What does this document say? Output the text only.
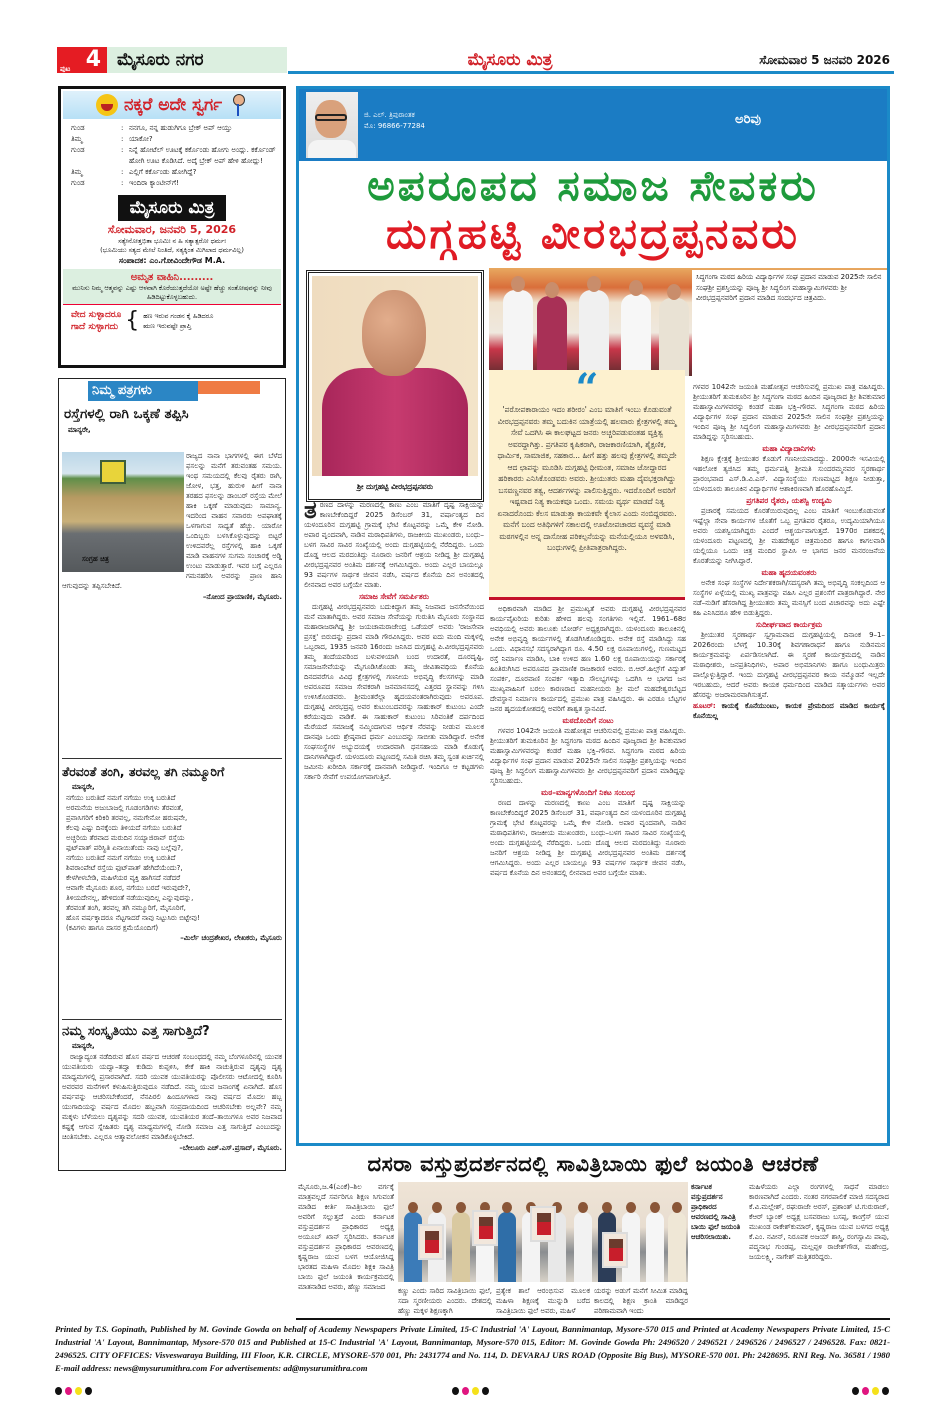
ಪುಟ 4 ಮೈಸೂರು ನಗರ	ಮೈಸೂರು ಮಿತ್ರ	ಸೋಮವಾರ 5 ಜನವರಿ 2026
ನಕ್ಕರೆ ಅದೇ ಸ್ವರ್ಗ
ಗುಂಡ	: ನನಗೂ, ನನ್ನ ಹುಡುಗಿಗೂ ಬ್ರೇಕ್ ಅಪ್ ಆಯ್ತು
ತಿಮ್ಮ	: ಯಾಕೋ?
ಗುಂಡ	: ನಿನ್ನೆ ಹೋಟೆಲ್ ಊಟಕ್ಕೆ ಕರ್ಕೊಂಡು ಹೋಗು ಅಂದ್ಲು. ಕರ್ಕೊಂಡ್ ಹೋಗಿ ಊಟ ಕೊಡಿಸಿದೆ. ಅದ್ಕೆ ಬ್ರೇಕ್ ಅಪ್ ಹೇಳಿ ಹೋದ್ಲು!
ತಿಮ್ಮ	: ಎಲ್ಲಿಗೆ ಕರ್ಕೊಂಡು ಹೋಗಿದ್ದೆ?
ಗುಂಡ	: ಇಂದಿರಾ ಕ್ಯಾಂಟೀನ್‌ಗೆ!
ಮೈಸೂರು ಮಿತ್ರ
ಸೋಮವಾರ, ಜನವರಿ 5, 2026
ಸತ್ಯೇನೋತ್ತಭಿತಾ ಭೂಮಿಃ ನ ಹಿ ಸತ್ಯಾತ್ಪರೋ ಧರ್ಮಃ
(ಭೂಮಿಯು ಸತ್ಯದ ಮೇಲೆ ನಿಂತಿದೆ, ಸತ್ಯಕ್ಕಿಂತ ಮಿಗಿಲಾದ ಧರ್ಮವಿಲ್ಲ)
ಸಂಪಾದಕ: ಎಂ.ಗೋವಿಂದೇಗೌಡ M.A.
ಅಮೃತ ವಾಹಿನಿ.........
ಮುನಿಸು ನಿಮ್ಮ ಆತ್ಮವನ್ನು ಎಷ್ಟು ಆಳವಾಗಿ ಕೊರೆಯುತ್ತದೆಯೋ ಅಷ್ಟೇ ಹೆಚ್ಚು ಸಂತೋಷವನ್ನು ನೀವು ಹಿಡಿದಿಟ್ಟುಕೊಳ್ಳಬಹುದು.
ವೇದ ಸುಳ್ಳಾದರೂ
ಗಾದೆ ಸುಳ್ಳಾಗದು { ಹಣ ಇರುವ ಗಂಡನ ಕೈ ಹಿಡಿದರೂ
ಋಣ ಇರುವಷ್ಟೇ ಪ್ರಾಪ್ತಿ
ನಿಮ್ಮ ಪತ್ರಗಳು
ರಸ್ತೆಗಳಲ್ಲಿ ರಾಗಿ ಒಕ್ಕಣೆ ತಪ್ಪಿಸಿ
ಮಾನ್ಯರೇ,
ಸಂಗ್ರಹ ಚಿತ್ರ

ರಾಜ್ಯದ ನಾನಾ ಭಾಗಗಳಲ್ಲಿ ಈಗ ಬೆಳೆದ ಫಸಲನ್ನು ಮನೆಗೆ ತರುವಂತಹ ಸಮಯ. ಇಂಥ ಸಮಯದಲ್ಲಿ ಕೆಲವು ರೈತರು ರಾಗಿ, ಜೋಳ, ಭತ್ತ, ಹುರುಳಿ ಹೀಗೆ ನಾನಾ ತರಹದ ಫಸಲನ್ನು ಡಾಂಬರ್ ರಸ್ತೆಯ ಮೇಲೆ ಹಾಕಿ ಒಕ್ಕಣೆ ಮಾಡುವುದು ಸಾಮಾನ್ಯ. ಇದರಿಂದ ವಾಹನ ಸವಾರರು ಅಪಘಾತಕ್ಕೆ ಒಳಗಾಗುವ ಸಾಧ್ಯತೆ ಹೆಚ್ಚು. ಯಾರೋ ಒಂದಿಬ್ಬರು ಬಳಸಿಕೊಳ್ಳುವುದನ್ನು ಬಿಟ್ಟರೆ ಉಳಿದವರೆಲ್ಲ ರಸ್ತೆಗಳಲ್ಲಿ ಹಾಕಿ ಒಕ್ಕಣೆ ಮಾಡಿ ವಾಹನಗಳ ಸುಗಮ ಸಂಚಾರಕ್ಕೆ ಅಡ್ಡಿ ಉಂಟು ಮಾಡುತ್ತಾರೆ. ಇವರ ಬಗ್ಗೆ ಎಲ್ಲರೂ ಗಮನಹರಿಸಿ ಅವರನ್ನು ಪ್ರಾಣ ಹಾನಿ ಆಗುವುದನ್ನು ತಪ್ಪಿಸಬೇಕಿದೆ.

–ನೋಂದ ಪ್ರಾಯಾಣಿಕ, ಮೈಸೂರು.

ತೆರವಂತೆ ತಂಗಿ, ತರವಲ್ಲ ತಗಿ ನಮ್ಮೂರಿಗೆ
ಮಾನ್ಯರೇ,
ನಗೆಯು ಬರುತಿದೆ ನಮಗೆ ನಗೆಯು ಉಕ್ಕಿ ಬರುತಿದೆ
ಅರಮನೆಯ ಅಜುಬಾಜಲ್ಲಿ ಗೂಡಂಗಡಿಗಳು ತೆರವಂತೆ,
ಪ್ರವಾಸಿಗರಿಗೆ ಕಿರಿಕಿರಿ ತರವಲ್ಲ, ನಮಗೇನೋ ಹರುಷವೇ,
ಕೆಲವು ಎಷ್ಟು ದಿನಕ್ಕೆಂದು ತಿಳಿಯದೆ ನಗೆಯು ಬರುತಿದೆ
ಅಚ್ಚರಿಯ ತೆರವಾದ ಮರುದಿನ ಸಯ್ಯಾಜಿರಾವ್ ರಸ್ತೆಯ
ಫುಟ್‌ಪಾತ್ ಪರಿಸ್ಥಿತಿ ಏನಾಯಿತೆಂದು ನಾವು ಬಲ್ಲೆವು?,
ನಗೆಯು ಬರುತಿದೆ ನಮಗೆ ನಗೆಯು ಉಕ್ಕಿ ಬರುತಿದೆ
ಶಿವರಾಂಪೇಟೆ ರಸ್ತೆಯ ಫುಟ್‌ಪಾತ್ ಹೇಗಿದೆಯೆಂದು?,
ಕೇಳಗೀಳಬೇಡಿ, ಮಹಿಳೆಯರ ವ್ಯಕ್ತಿ ಹಾಗಿಸದೆ ನಡೆದರೆ
ಆವಾಗೇ ಮೈಸೂರು ಶೂರ, ನಗೆಯು ಬರದೆ ಇರುವುದೇ?,
ತಿಳಿಯದೇನಲ್ಲ, ಹೇಳಿದಂತೆ ನಡೆಯುವುದಿಲ್ಲ ಎನ್ನುವುದನ್ನು,
ತೆರವಂತೆ ತಂಗಿ, ತರವಲ್ಲ ತಗಿ ನಮ್ಮೂರಿಗೆ, ಮೈಸೂರಿಗೆ,
ಹೊಸ ವರ್ಷಕ್ಕಾದರೂ ನೆಟ್ಟಗಾದರೆ ನಾವು ನಿಟ್ಟುಸಿರು ಬಿಟ್ಟೇವು!
(ಕವಿಗಳು ಹಾಗೂ ದಾಸರ ಕ್ಷಮೆಯೊಂದಿಗೆ)
–ಮಿರ್ಲೆ ಚಂದ್ರಶೇಖರ, ಲೇಖಕರು, ಮೈಸೂರು
ನಮ್ಮ ಸಂಸ್ಕೃತಿಯು ಎತ್ತ ಸಾಗುತ್ತಿದೆ?
ಮಾನ್ಯರೇ,

ರಾಜ್ಯಾದ್ಯಂತ ನಡೆದಿರುವ ಹೊಸ ವರ್ಷದ ಆಚರಣೆ ಸಂಬಂಧದಲ್ಲಿ ನಮ್ಮ ಬೆಂಗಳೂರಿನಲ್ಲಿ ಯುವಕ ಯುವತಿಯರು ಯದ್ವಾ–ತದ್ವಾ ಕುಡಿದು ಕುಪ್ಪಳಿಸಿ, ಕೇಕೆ ಹಾಕಿ ನಾಚುತ್ತಿರುವ ದೃಶ್ಯವು ದೃಶ್ಯ ಮಾಧ್ಯಮಗಳಲ್ಲಿ ಪ್ರಸಾರವಾಗಿದೆ. ಸದರಿ ಯುವಕ ಯುವತಿಯರನ್ನು ಪೊಲೀಸರು ಆಟೋದಲ್ಲಿ ಕೂರಿಸಿ ಅವರವರ ಮನೆಗಳಿಗೆ ಕಳುಹಿಸುತ್ತಿರುವುದೂ ನಡೆದಿದೆ. ನಮ್ಮ ಯುವ ಜನಾಂಗಕ್ಕೆ ಏನಾಗಿದೆ. ಹೊಸ ವರ್ಷವನ್ನು ಆಚರಿಸಬೇಕೆಂದರೆ, ನೆನಪಿರಲಿ ಹಿಂದೂಗಳಾದ ನಾವು ವರ್ಷದ ಮೊದಲ ಹಬ್ಬ ಯುಗಾದಿಯನ್ನು ವರ್ಷದ ಮೊದಲ ಹಬ್ಬವಾಗಿ ಸಂಪ್ರದಾಯದಿಂದ ಆಚರಿಸಬೇಕು ಅಲ್ಲವೇ? ನಮ್ಮ ಮಕ್ಕಳು ಬೆಳೆಯಲು ದೃಶ್ಯವನ್ನು ಸದರಿ ಯುವಕ, ಯುವತಿಯರ ತಂದೆ–ತಾಯಿಗಳೂ ಅವರ ನಿಜವಾದ ಕಷ್ಟಕ್ಕೆ ಆಗುವ ಸ್ನೇಹಿತರು ದೃಶ್ಯ ಮಾಧ್ಯಮಗಳಲ್ಲಿ ನೋಡಿ ಸಮಾಜ ಎತ್ತ ಸಾಗುತ್ತಿದೆ ಎಂಬುದನ್ನು ಚಿಂತಿಸಬೇಕು. ಎಲ್ಲರೂ ಆತ್ಮಾವಲೋಕನ ಮಾಡಿಕೊಳ್ಳಬೇಕಿದೆ.

–ಬೇಲೂರು ಎಚ್.ಎಸ್.ಪ್ರಸಾದ್, ಮೈಸೂರು.

ಜಿ. ಎಲ್. ತ್ರಿಪುರಾಂತಕ
ಮೊ: 96866-77284	ಅರಿವು
ಅಪರೂಪದ ಸಮಾಜ ಸೇವಕರು
ದುಗ್ಗಹಟ್ಟಿ ವೀರಭದ್ರಪ್ಪನವರು
ಶ್ರೀ ದುಗ್ಗಹಟ್ಟಿ ವೀರಭದ್ರಪ್ಪನವರು
ಸಿದ್ಧಗಂಗಾ ಮಠದ ಹಿರಿಯ ವಿದ್ಯಾರ್ಥಿಗಳ ಸಂಘ ಪ್ರದಾನ ಮಾಡುವ 2025ನೇ ಸಾಲಿನ ಸಂಘಶ್ರೀ ಪ್ರಶಸ್ತಿಯನ್ನು ಪೂಜ್ಯ ಶ್ರೀ ಸಿದ್ಧಲಿಂಗ ಮಹಾಸ್ವಾಮಿಗಳವರು ಶ್ರೀ ವೀರಭದ್ರಪ್ಪನವರಿಗೆ ಪ್ರದಾನ ಮಾಡಿದ ಸಂದರ್ಭದ ಚಿತ್ರವಿದು.
“
'ಪರೋಪಕಾರಾಯಂ ಇದಂ ಶರೀರಂ' ಎಂಬ ಮಾತಿಗೆ ಇಂಬು ಕೊಡುವಂತೆ ವೀರಭದ್ರಪ್ಪನವರು ತಮ್ಮ ಬದುಕಿನ ಯಾತ್ರೆಯಲ್ಲಿ ಹಲವಾರು ಕ್ಷೇತ್ರಗಳಲ್ಲಿ ತಮ್ಮ ಸೇವೆ ಒದಗಿಸಿ ಈ ಕಾಲಘಟ್ಟದ ಜನರು ಅಚ್ಚರಿಪಡುವಂತಹ ವ್ಯಕ್ತಿತ್ವ ಅವರದ್ದಾಗಿತ್ತು. ಪ್ರಗತಿಪರ ಕೃಷಿಕರಾಗಿ, ರಾಜಕಾರಣಿಯಾಗಿ, ಶೈಕ್ಷಣಿಕ, ಧಾರ್ಮಿಕ, ಸಾಮಾಜಿಕ, ಸಹಕಾರ... ಹೀಗೆ ಹತ್ತು ಹಲವು ಕ್ಷೇತ್ರಗಳಲ್ಲಿ ತಮ್ಮದೇ ಆದ ಛಾಪನ್ನು ಮೂಡಿಸಿ ದುಗ್ಗಹಟ್ಟಿ ಧೀಮಂತ, ಸಮಾಜ ಜೋದ್ದಾರದ ಹರಿಕಾರರು ಎನಿಸಿಕೊಂಡವರು ಅವರು. ಶ್ರೀಯುತರು ಮಹಾ ದೈವಭಕ್ತರಾಗಿದ್ದು ಬಸವಣ್ಣನವರ ತತ್ವ, ಆದರ್ಶಗಳನ್ನು ಪಾಲಿಸುತ್ತಿದ್ದರು. ಇದರೊಂದಿಗೆ ಅವರಿಗೆ ಇಷ್ಟವಾದ ನಿತ್ಯ ಕಾಯಕವೂ ಒಂದು. ಸಮಯ ವ್ಯರ್ಥ ಮಾಡದೆ ನಿತ್ಯ ಏನಾದರೊಂದು ಕೆಲಸ ಮಾಡುತ್ತಾ ಕಾಯಕವೇ ಕೈಲಾಸ ಎಂದು ನಂಬಿದ್ದರವರು. ಮನೆಗೆ ಬಂದ ಅತಿಥಿಗಳಿಗೆ ಸಕಾಲದಲ್ಲಿ ಊಟೋಪಚಾರದ ವ್ಯವಸ್ಥೆ ಮಾಡಿ ಮಠಗಳಲ್ಲಿನ ಅನ್ನ ದಾಸೋಹ ಪರಿಕಲ್ಪನೆಯನ್ನು ಮನೆಯಲ್ಲಿಯೂ ಅಳವಡಿಸಿ, ಬಂಧುಗಳಲ್ಲಿ ಪ್ರೀತಿಪಾತ್ರರಾಗಿದ್ದರು.

ತರಣದ ದಾಳನ್ನು ಮರಣದಲ್ಲಿ ಕಾಣು ಎಂಬ ಮಾತಿಗೆ ದೃಷ್ಟ ಸಾಕ್ಷಿಯನ್ನು ಕಾಣಬೇಕೆಂದಿದ್ದರೆ 2025 ಡಿಸೆಂಬರ್ 31, ವರ್ಷಾಂತ್ಯದ ದಿನ ಯಳಂದೂರಿನ ದುಗ್ಗಹಟ್ಟಿ ಗ್ರಾಮಕ್ಕೆ ಭೇಟಿ ಕೊಟ್ಟವರನ್ನು ಒಮ್ಮೆ ಕೇಳಿ ನೋಡಿ. ಅಪಾರ ವೃಂದವಾಗಿ, ನಾಡಿನ ಮಠಾಧಿಪತಿಗಳು, ರಾಜಕೀಯ ಮುಖಂಡರು, ಬಂಧು–ಬಳಗ ಸಾವಿರ ಸಾವಿರ ಸಂಖ್ಯೆಯಲ್ಲಿ ಅಂದು ದುಗ್ಗಹಟ್ಟಿಯಲ್ಲಿ ನೆರೆದಿದ್ದರು. ಒಂದು ದೊಡ್ಡ ಆಲದ ಮರದಂತಿದ್ದು ನೂರಾರು ಜನರಿಗೆ ಆಶ್ರಯ ನೀಡಿದ್ದ ಶ್ರೀ ದುಗ್ಗಹಟ್ಟಿ ವೀರಭದ್ರಪ್ಪನವರ ಅಂತಿಮ ದರ್ಶನಕ್ಕೆ ಆಗಮಿಸಿದ್ದರು. ಅಂದು ಎಲ್ಲರ ಬಾಯಲ್ಲೂ 93 ವರ್ಷಗಳ ಸಾರ್ಥಕ ಜೀವನ ನಡೆಸಿ, ವರ್ಷದ ಕೊನೆಯ ದಿನ ಅನಂತದಲ್ಲಿ ಲೀನವಾದ ಅವರ ಬಗ್ಗೆಯೇ ಮಾತು.

ಸಮಾಜ ಸೇವೆಗೆ ಸಮರ್ಪಿತರು

ದುಗ್ಗಹಟ್ಟಿ ವೀರಭದ್ರಪ್ಪನವರು ಬದುಕಿದ್ದಾಗ ತಮ್ಮ ನಿಜವಾದ ಜನಸೇವೆಯಿಂದ ಮನೆ ಮಾತಾಗಿದ್ದರು. ಅವರ ಸಮಾಜ ಸೇವೆಯನ್ನು ಗುರುತಿಸಿ ಮೈಸೂರು ಸಂಸ್ಥಾನದ ಮಹಾರಾಜರಾಗಿದ್ದ ಶ್ರೀ ಜಯಚಾಮರಾಜೇಂದ್ರ ಒಡೆಯರ್ ಅವರು 'ರಾಜಸೇವಾ ಪ್ರಸಕ್ತ' ಬಿರುದನ್ನು ಪ್ರದಾನ ಮಾಡಿ ಗೌರವಿಸಿದ್ದರು. ಅವರ ಐದು ಮಂದಿ ಮಕ್ಕಳಲ್ಲಿ ಒಬ್ಬರಾದ, 1935 ಜನವರಿ 16ರಂದು ಜನಿಸಿದ ದುಗ್ಗಹಟ್ಟಿ ಪಿ.ವೀರಭದ್ರಪ್ಪನವರು ತಮ್ಮ ತಂದೆಯವರಿಂದ ಬಳುವಳಿಯಾಗಿ ಬಂದ ಉದಾರತೆ, ದೂರದೃಷ್ಟಿ, ಸಮಾಜಸೇವೆಯನ್ನು ಮೈಗೂಡಿಸಿಕೊಂಡು ತಮ್ಮ ಜೀವಿತಾವಧಿಯ ಕೊನೆಯ ದಿನದವರೆಗೂ ವಿವಿಧ ಕ್ಷೇತ್ರಗಳಲ್ಲಿ ಗಣನೀಯ ಅಭಿವೃದ್ಧಿ ಕೆಲಸಗಳನ್ನು ಮಾಡಿ ಅಪರೂಪದ ಸಮಾಜ ಸೇವಕರಾಗಿ ಜನಮಾನಸದಲ್ಲಿ ಎತ್ತರದ ಸ್ಥಾನವನ್ನು ಗಳಿಸಿ ಉಳಿಸಿಕೊಂಡವರು. ಶ್ರೀಮಂತರೆಲ್ಲಾ ಹೃದಯವಂತರಾಗಿರುವುದು ಅಪರೂಪ. ದುಗ್ಗಹಟ್ಟಿ ವೀರಭದ್ರಪ್ಪ ಅವರ ಕುಟುಂಬದವರನ್ನು ಸಾಹುಕಾರ್ ಕುಟುಂಬ ಎಂದೇ ಕರೆಯುವುದು ವಾಡಿಕೆ. ಈ ಸಾಹುಕಾರ್ ಕುಟುಂಬ ಸಿರಿವಂತಿಕೆ ದರ್ಪದಿಂದ ಮೆರೆಯದೆ ಸಮಾಜಕ್ಕೆ ನಮ್ಮಿಂದಾಗುವ ಆರ್ಥಿಕ ನೆರವನ್ನು ನೀಡುವ ಮೂಲಕ ದಾನವೂ ಒಂದು ಶ್ರೇಷ್ಠವಾದ ಧರ್ಮ ಎಂಬುದನ್ನು ಸಾಬೀತು ಮಾಡಿದ್ದಾರೆ. ಅನೇಕ ಸಂಘಸಂಸ್ಥೆಗಳ ಅಭ್ಯುದಯಕ್ಕೆ ಉದಾರವಾಗಿ ಧನಸಹಾಯ ಮಾಡಿ ಕೊಡುಗೈ ದಾನಿಗಳಾಗಿದ್ದಾರೆ. ಯಳಂದೂರು ಪಟ್ಟಣದಲ್ಲಿ ಸಮಿತಿ ರಚಿಸಿ ತಮ್ಮ ಸ್ವಂತ ಖರ್ಚಿನಲ್ಲಿ ಜಮೀನು ಖರೀದಿಸಿ ಸರ್ಕಾರಕ್ಕೆ ದಾನವಾಗಿ ನೀಡಿದ್ದಾರೆ. ಇಂದಿಗೂ ಆ ಕಟ್ಟಡಗಳು ಸರ್ಕಾರಿ ಸೇವೆಗೆ ಉಪಯೋಗವಾಗುತ್ತಿವೆ.

ಅಧಿಕಾರವಾಗಿ ಮಾಡಿದ ಶ್ರೀ ಪ್ರಮುಖ್ಯತೆ ಅವರು ದುಗ್ಗಹಟ್ಟಿ ವೀರಭದ್ರಪ್ಪನವರ ಕಾರ್ಯವೈಖರಿಯ ಕುರಿತು ಹೇಳಿದ ಹಲವು ಸಂಗತಿಗಳು ಇಲ್ಲಿವೆ. 1961–68ರ ಅವಧಿಯಲ್ಲಿ ಅವರು ತಾಲೂಕು ಬೋರ್ಡ್ ಅಧ್ಯಕ್ಷರಾಗಿದ್ದರು. ಯಳಂದೂರು ತಾಲೂಕಿನಲ್ಲಿ ಅನೇಕ ಅಭಿವೃದ್ಧಿ ಕಾರ್ಯಗಳಲ್ಲಿ ತೊಡಗಿಸಿಕೊಂಡಿದ್ದರು. ಅನೇಕ ರಸ್ತೆ ಮಾಡಿಸಿದ್ದು ಸಹ ಒಂದು. ವಿಧಾನಸಭೆ ಸದಸ್ಯರಾಗಿದ್ದಾಗ ರೂ. 4.50 ಲಕ್ಷ ರೂಪಾಯಿಗಳಲ್ಲಿ, ಗುಣಮಟ್ಟದ ರಸ್ತೆ ನಿರ್ಮಾಣ ಮಾಡಿಸಿ, ಬಾಕಿ ಉಳಿದ ಹಣ 1.60 ಲಕ್ಷ ರೂಪಾಯಿಯನ್ನು ಸರ್ಕಾರಕ್ಕೆ ಹಿಂತಿರುಗಿಸಿದ ಅಪರೂಪದ ಪ್ರಾಮಾಣಿಕ ರಾಜಕಾರಣಿ ಅವರು. ಬಿ.ಆರ್.ಹಿಲ್ಸ್‌ಗೆ ವಿದ್ಯುತ್ ಸಂಪರ್ಕ, ದೂರವಾಣಿ ಸಂಪರ್ಕ ಇತ್ಯಾದಿ ಸೌಲಭ್ಯಗಳನ್ನು ಒದಗಿಸಿ ಆ ಭಾಗದ ಜನ ಮುಖ್ಯವಾಹಿನಿಗೆ ಬರಲು ಕಾರಣರಾದ ಮಹನೀಯರು ಶ್ರೀ ಮಲೆ ಮಹದೇಶ್ವರಬೆಟ್ಟದ ದೇವಸ್ಥಾನ ನಿರ್ಮಾಣ ಕಾರ್ಯದಲ್ಲಿ ಪ್ರಮುಖ ಪಾತ್ರ ವಹಿಸಿದ್ದರು. ಈ ಎರಡೂ ಬೆಟ್ಟಗಳ ಜನರ ಹೃದಯಕೋಶದಲ್ಲಿ ಅವರಿಗೆ ಶಾಶ್ವತ ಸ್ಥಾನವಿದೆ.

ಮಠದೊಂದಿಗೆ ನಂಟು

ಗಳವರ 1042ನೇ ಜಯಂತಿ ಮಹೋತ್ಸವ ಆಚರಿಸುವಲ್ಲಿ ಪ್ರಮುಖ ಪಾತ್ರ ವಹಿಸಿದ್ದರು. ಶ್ರೀಯುತರಿಗೆ ತುಮಕೂರಿನ ಶ್ರೀ ಸಿದ್ಧಗಂಗಾ ಮಠದ ಹಿಂದಿನ ಪೂಜ್ಯರಾದ ಶ್ರೀ ಶಿವಕುಮಾರ ಮಹಾಸ್ವಾಮಿಗಳವರನ್ನು ಕಂಡರೆ ಮಹಾ ಭಕ್ತಿ–ಗೌರವ. ಸಿದ್ಧಗಂಗಾ ಮಠದ ಹಿರಿಯ ವಿದ್ಯಾರ್ಥಿಗಳ ಸಂಘ ಪ್ರದಾನ ಮಾಡುವ 2025ನೇ ಸಾಲಿನ ಸಂಘಶ್ರೀ ಪ್ರಶಸ್ತಿಯನ್ನು ಇಂದಿನ ಪೂಜ್ಯ ಶ್ರೀ ಸಿದ್ಧಲಿಂಗ ಮಹಾಸ್ವಾಮಿಗಳವರು ಶ್ರೀ ವೀರಭದ್ರಪ್ಪನವರಿಗೆ ಪ್ರದಾನ ಮಾಡಿದ್ದನ್ನು ಸ್ಮರಿಸಬಹುದು.

ಮಠ–ಮಾನ್ಯಗಳೊಂದಿಗೆ ನಿಕಟ ಸಂಬಂಧ

ರಣದ ದಾಳನ್ನು ಮರಣದಲ್ಲಿ ಕಾಣು ಎಂಬ ಮಾತಿಗೆ ದೃಷ್ಟ ಸಾಕ್ಷಿಯನ್ನು ಕಾಣಬೇಕೆಂದಿದ್ದರೆ 2025 ಡಿಸೆಂಬರ್ 31, ವರ್ಷಾಂತ್ಯದ ದಿನ ಯಳಂದೂರಿನ ದುಗ್ಗಹಟ್ಟಿ ಗ್ರಾಮಕ್ಕೆ ಭೇಟಿ ಕೊಟ್ಟವರನ್ನು ಒಮ್ಮೆ ಕೇಳಿ ನೋಡಿ. ಅಪಾರ ವೃಂದವಾಗಿ, ನಾಡಿನ ಮಠಾಧಿಪತಿಗಳು, ರಾಜಕೀಯ ಮುಖಂಡರು, ಬಂಧು–ಬಳಗ ಸಾವಿರ ಸಾವಿರ ಸಂಖ್ಯೆಯಲ್ಲಿ ಅಂದು ದುಗ್ಗಹಟ್ಟಿಯಲ್ಲಿ ನೆರೆದಿದ್ದರು. ಒಂದು ದೊಡ್ಡ ಆಲದ ಮರದಂತಿದ್ದು ನೂರಾರು ಜನರಿಗೆ ಆಶ್ರಯ ನೀಡಿದ್ದ ಶ್ರೀ ದುಗ್ಗಹಟ್ಟಿ ವೀರಭದ್ರಪ್ಪನವರ ಅಂತಿಮ ದರ್ಶನಕ್ಕೆ ಆಗಮಿಸಿದ್ದರು. ಅಂದು ಎಲ್ಲರ ಬಾಯಲ್ಲೂ 93 ವರ್ಷಗಳ ಸಾರ್ಥಕ ಜೀವನ ನಡೆಸಿ, ವರ್ಷದ ಕೊನೆಯ ದಿನ ಅನಂತದಲ್ಲಿ ಲೀನವಾದ ಅವರ ಬಗ್ಗೆಯೇ ಮಾತು.

ಗಳವರ 1042ನೇ ಜಯಂತಿ ಮಹೋತ್ಸವ ಆಚರಿಸುವಲ್ಲಿ ಪ್ರಮುಖ ಪಾತ್ರ ವಹಿಸಿದ್ದರು. ಶ್ರೀಯುತರಿಗೆ ತುಮಕೂರಿನ ಶ್ರೀ ಸಿದ್ಧಗಂಗಾ ಮಠದ ಹಿಂದಿನ ಪೂಜ್ಯರಾದ ಶ್ರೀ ಶಿವಕುಮಾರ ಮಹಾಸ್ವಾಮಿಗಳವರನ್ನು ಕಂಡರೆ ಮಹಾ ಭಕ್ತಿ–ಗೌರವ. ಸಿದ್ಧಗಂಗಾ ಮಠದ ಹಿರಿಯ ವಿದ್ಯಾರ್ಥಿಗಳ ಸಂಘ ಪ್ರದಾನ ಮಾಡುವ 2025ನೇ ಸಾಲಿನ ಸಂಘಶ್ರೀ ಪ್ರಶಸ್ತಿಯನ್ನು ಇಂದಿನ ಪೂಜ್ಯ ಶ್ರೀ ಸಿದ್ಧಲಿಂಗ ಮಹಾಸ್ವಾಮಿಗಳವರು ಶ್ರೀ ವೀರಭದ್ರಪ್ಪನವರಿಗೆ ಪ್ರದಾನ ಮಾಡಿದ್ದನ್ನು ಸ್ಮರಿಸಬಹುದು.

ಮಹಾ ವಿದ್ಯಾದಾನಿಗಳು

ಶಿಕ್ಷಣ ಕ್ಷೇತ್ರಕ್ಕೆ ಶ್ರೀಯುತರ ಕೊಡುಗೆ ಗಣನೀಯವಾದದ್ದು. 2000ನೇ ಇಸವಿಯಲ್ಲಿ ಇಹಲೋಕ ತ್ಯಜಿಸಿದ ತಮ್ಮ ಧರ್ಮಪತ್ನಿ ಶ್ರೀಮತಿ ಸುಂದರಮ್ಮನವರ ಸ್ಮರಣಾರ್ಥ ಪ್ರಾರಂಭವಾದ ಎಸ್.ಡಿ.ವಿ.ಎಸ್. ವಿದ್ಯಾಸಂಸ್ಥೆಯು ಗುಣಮಟ್ಟದ ಶಿಕ್ಷಣ ನೀಡುತ್ತಾ, ಯಳಂದೂರು ತಾಲೂಕಿನ ವಿದ್ಯಾರ್ಥಿಗಳ ಆಶಾಕಿರಣವಾಗಿ ಹೊರಹೊಮ್ಮಿದೆ.

ಪ್ರಗತಿಪರ ರೈತರು, ಯಶಸ್ವಿ ಉದ್ಯಮಿ

ಪ್ರಚಾರಕ್ಕೆ ಸಮಯದ ಕೊರತೆಯಿರುವುದಿಲ್ಲ ಎಂಬ ಮಾತಿಗೆ ಇಂಬುಕೊಡುವಂತೆ ಇಷ್ಟೆಲ್ಲಾ ಸೇವಾ ಕಾರ್ಯಗಳ ಜೊತೆಗೆ ಒಬ್ಬ ಪ್ರಗತಿಪರ ರೈತರೂ, ಉದ್ಯಮಿಯಾಗಿಯೂ ಅವರು ಯಶಸ್ವಿಯಾಗಿದ್ದರು ಎಂದರೆ ಆಶ್ಚರ್ಯವಾಗುತ್ತದೆ. 1970ರ ದಶಕದಲ್ಲಿ ಯಳಂದೂರು ಪಟ್ಟಣದಲ್ಲಿ ಶ್ರೀ ಮಹದೇಶ್ವರ ಚಿತ್ರಮಂದಿರ ಹಾಗೂ ಕಾಗಲವಾಡಿ ಯಲ್ಲಿಯೂ ಒಂದು ಚಿತ್ರ ಮಂದಿರ ಸ್ಥಾಪಿಸಿ ಆ ಭಾಗದ ಜನರ ಮನರಂಜನೆಯ ಕೊರತೆಯನ್ನು ನೀಗಿಸಿದ್ದಾರೆ.

ಮಹಾ ಹೃದಯವಂತರು

ಅನೇಕ ಸಂಘ ಸಂಸ್ಥೆಗಳ ನಿರ್ದೇಶಕರಾಗಿ/ಸದಸ್ಯರಾಗಿ ತಮ್ಮ ಅಭಿವೃದ್ಧಿ ಸಂಕಲ್ಪದಿಂದ ಆ ಸಂಸ್ಥೆಗಳ ಏಳ್ಗೆಯಲ್ಲಿ ಮುಖ್ಯ ಪಾತ್ರವನ್ನು ವಹಿಸಿ ಎಲ್ಲರ ಪ್ರಶಂಸೆಗೆ ಪಾತ್ರರಾಗಿದ್ದಾರೆ. ನೇರ ನಡೆ–ನುಡಿಗೆ ಹೆಸರಾಗಿದ್ದ ಶ್ರೀಯುತರು ತಮ್ಮ ಮನಸ್ಸಿಗೆ ಬಂದ ವಿಚಾರವನ್ನು ಅದು ಎಷ್ಟೇ ಕಹಿ ಎನಿಸಿದರೂ ಹೇಳಿ ಬಿಡುತ್ತಿದ್ದರು.

ಸುದೀರ್ಘವಾದ ಕಾರ್ಯಕ್ರಮ

ಶ್ರೀಯುತರ ಸ್ಮರಣಾರ್ಥ ಸ್ವಗ್ರಾಮವಾದ ದುಗ್ಗಹಟ್ಟಿಯಲ್ಲಿ ದಿನಾಂಕ 9–1–2026ರಂದು ಬೆಳಗ್ಗೆ 10.30ಕ್ಕೆ ಶಿವಗಣಾರಾಧನೆ ಹಾಗೂ ನುಡಿನಮನ ಕಾರ್ಯಕ್ರಮವನ್ನು ಏರ್ಪಡಿಸಲಾಗಿದೆ. ಈ ಸ್ಮರಣೆ ಕಾರ್ಯಕ್ರಮದಲ್ಲಿ ನಾಡಿನ ಮಠಾಧೀಶರು, ಜನಪ್ರತಿನಿಧಿಗಳು, ಅಪಾರ ಅಭಿಮಾನಿಗಳು ಹಾಗೂ ಬಂಧುಮಿತ್ರರು ಪಾಲ್ಗೊಳ್ಳುತ್ತಿದ್ದಾರೆ. ಇಂದು ದುಗ್ಗಹಟ್ಟಿ ವೀರಭದ್ರಪ್ಪನವರ ಕಾಯ ನಮ್ಮೊಡನೆ ಇಲ್ಲದೇ ಇರಬಹುದು, ಆದರೆ ಅವರು ಕಾಯಕ ಧರ್ಮದಿಂದ ಮಾಡಿದ ಸತ್ಕಾರ್ಯಗಳು ಅವರ ಹೆಸರನ್ನು ಅಜರಾಮರವಾಗಿಸುತ್ತವೆ.

ಹೂಟರ್: ಕಾಯಕ್ಕೆ ಕೊನೆಯುಂಟು, ಕಾಯಕ ಪ್ರೇಮದಿಂದ ಮಾಡಿದ ಕಾರ್ಯಕ್ಕೆ ಕೊನೆಯಿಲ್ಲ

ದಸರಾ ವಸ್ತುಪ್ರದರ್ಶನದಲ್ಲಿ ಸಾವಿತ್ರಿಬಾಯಿ ಫುಲೆ ಜಯಂತಿ ಆಚರಣೆ
ಮೈಸೂರು,ಜ.4(ಎಂಕೆ)–ಶಿಲ ವರ್ಗಕ್ಕೆ ಮಾತ್ರವಲ್ಲದೆ ಸರ್ವರಿಗೂ ಶಿಕ್ಷಣ ಸಿಗುವಂತೆ ಮಾಡಿದ ಕೀರ್ತಿ ಸಾವಿತ್ರಿಬಾಯಿ ಫುಲೆ ಅವರಿಗೆ ಸಲ್ಲುತ್ತದೆ ಎಂದು ಕರ್ನಾಟಕ ವಸ್ತುಪ್ರದರ್ಶನ ಪ್ರಾಧಿಕಾರದ ಅಧ್ಯಕ್ಷ ಅಯೂಬ್ ಖಾನ್ ಸ್ಮರಿಸಿದರು. ಕರ್ನಾಟಕ ವಸ್ತುಪ್ರದರ್ಶನ ಪ್ರಾಧಿಕಾರದ ಆವರಣದಲ್ಲಿ ಕೃಷ್ಣರಾಜ ಯುವ ಬಳಗ ಆಯೋಜಿಸಿದ್ದ ಭಾರತದ ಮಹಿಳಾ ಮೊದಲ ಶಿಕ್ಷಕಿ ಸಾವಿತ್ರಿ ಬಾಯಿ ಫುಲೆ ಜಯಂತಿ ಕಾರ್ಯಕ್ರಮದಲ್ಲಿ ಮಾತನಾಡಿದ ಅವರು, ಹೆಣ್ಣು ಸಮಾಜದ
ಕರ್ನಾಟಕ ವಸ್ತುಪ್ರದರ್ಶನ ಪ್ರಾಧಿಕಾರದ ಆವರಣದಲ್ಲಿ ಸಾವಿತ್ರಿ ಬಾಯಿ ಫುಲೆ ಜಯಂತಿ ಆಚರಿಸಲಾಯಿತು.
ಕಣ್ಣು ಎಂದು ಸಾರಿದ ಸಾವಿತ್ರಿಬಾಯಿ ಫುಲೆ, ಸದಾ ಸ್ಮರಣೀಯರು ಎಂದರು. ದೇಶದಲ್ಲಿ ಹೆಣ್ಣು ಮಕ್ಕಳ ಶಿಕ್ಷಣಕ್ಕಾಗಿ
ಪ್ರತ್ಯೇಕ ಶಾಲೆ ಆರಂಭಿಸುವ ಮೂಲಕ ಮಹಿಳಾ ಶಿಕ್ಷಣಕ್ಕೆ ಮುನ್ನುಡಿ ಬರೆದ ಸಾವಿತ್ರಿಬಾಯಿ ಫುಲೆ ಅವರು, ಮಹಿಳೆ
ಯರನ್ನು ಅಡುಗೆ ಮನೆಗೆ ಸೀಮಿತ ಮಾಡಿದ್ದ ಕಾಲದಲ್ಲಿ ಶಿಕ್ಷಣ ಕ್ರಾಂತಿ ಮಾಡಿದ್ದರ ಪರಿಣಾಮವಾಗಿ ಇಂದು
ಮಹಿಳೆಯರು ಎಲ್ಲಾ ರಂಗಗಳಲ್ಲಿ ಸಾಧನೆ ಮಾಡಲು ಕಾರಣವಾಗಿದೆ ಎಂದರು. ನಂತರ ನಗರಪಾಲಿಕೆ ಮಾಜಿ ಸದಸ್ಯರಾದ ಕೆ.ವಿ.ಮಲ್ಲೇಶ್, ರಘುರಾಜೇ ಅರಸ್, ಪ್ರಶಾಂತ್ ಟಿ.ಗುರುರಾಜ್, ಕೆಆರ್ ಬ್ಯಾಂಕ್ ಅಧ್ಯಕ್ಷ ಬಸವರಾಜು ಬಸಪ್ಪ, ಕಾಂಗ್ರೆಸ್ ಯುವ ಮುಖಂಡ ರಾಕೇಶ್‌ಕುಮಾರ್, ಕೃಷ್ಣರಾಜ ಯುವ ಬಳಗದ ಅಧ್ಯಕ್ಷ ಕೆ.ಎಂ. ನವೀನ್, ನಿರೂಪಕ ಅಜಯ್ ಶಾಸ್ತ್ರಿ, ರಂಗಸ್ವಾಮಿ ಪಾಪು, ಪದ್ಮನಾಭ ಗುಂಡಪ್ಪ, ಮಲ್ಲಪ್ಪಳಿ ರಾಜೇಶ್‌ಗೌಡ, ಮಹೇಂದ್ರ, ಜಯಲಕ್ಷ್ಮಿ, ನಾಗೇಶ್ ಮತ್ತಿತರರಿದ್ದರು.
Printed by T.S. Gopinath, Published by M. Govinde Gowda on behalf of Academy Newspapers Private Limited, 15-C Industrial 'A' Layout, Bannimantap, Mysore-570 015 and Printed at Academy Newspapers Private Limited, 15-C Industrial 'A' Layout, Bannimantap, Mysore-570 015 and Published at 15-C Industrial 'A' Layout, Bannimantap, Mysore-570 015, Editor: M. Govinde Gowda Ph: 2496520 / 2496521 / 2496526 / 2496527 / 2496528. Fax: 0821-2496525. CITY OFFICES: Visveswaraya Building, III Floor, K.R. CIRCLE, MYSORE-570 001, Ph: 2431774 and No. 114, D. DEVARAJ URS ROAD (Opposite Big Bus), MYSORE-570 001. Ph: 2428695. RNI Reg. No. 36581 / 1980 E-mail address: news@mysurumithra.com For advertisements: ad@mysurumithra.com
